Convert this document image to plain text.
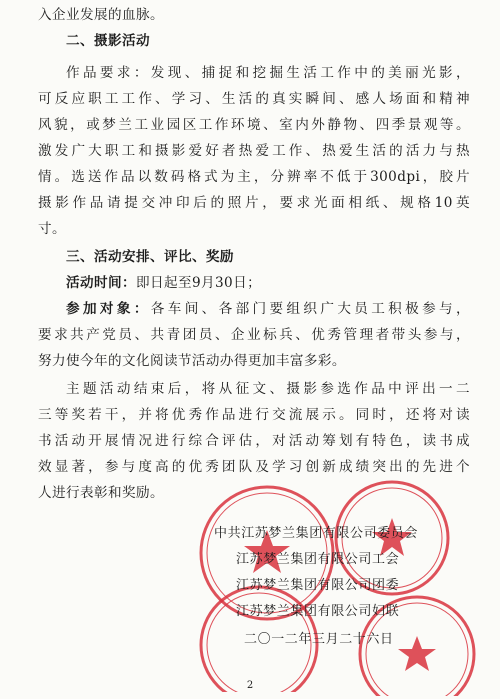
入企业发展的血脉。
二、摄影活动
作品要求：发现、捕捉和挖掘生活工作中的美丽光影，
可反应职工工作、学习、生活的真实瞬间、感人场面和精神
风貌，或梦兰工业园区工作环境、室内外静物、四季景观等。
激发广大职工和摄影爱好者热爱工作、热爱生活的活力与热
情。选送作品以数码格式为主，分辨率不低于300dpi，胶片
摄影作品请提交冲印后的照片，要求光面相纸、规格10英
寸。
三、活动安排、评比、奖励
活动时间：即日起至9月30日；
参加对象：各车间、各部门要组织广大员工积极参与，
要求共产党员、共青团员、企业标兵、优秀管理者带头参与，
努力使今年的文化阅读节活动办得更加丰富多彩。
主题活动结束后，将从征文、摄影参选作品中评出一二
三等奖若干，并将优秀作品进行交流展示。同时，还将对读
书活动开展情况进行综合评估，对活动筹划有特色，读书成
效显著，参与度高的优秀团队及学习创新成绩突出的先进个
人进行表彰和奖励。
中共江苏梦兰集团有限公司委员会
江苏梦兰集团有限公司工会
江苏梦兰集团有限公司团委
江苏梦兰集团有限公司妇联
二〇一二年三月二十六日
2
